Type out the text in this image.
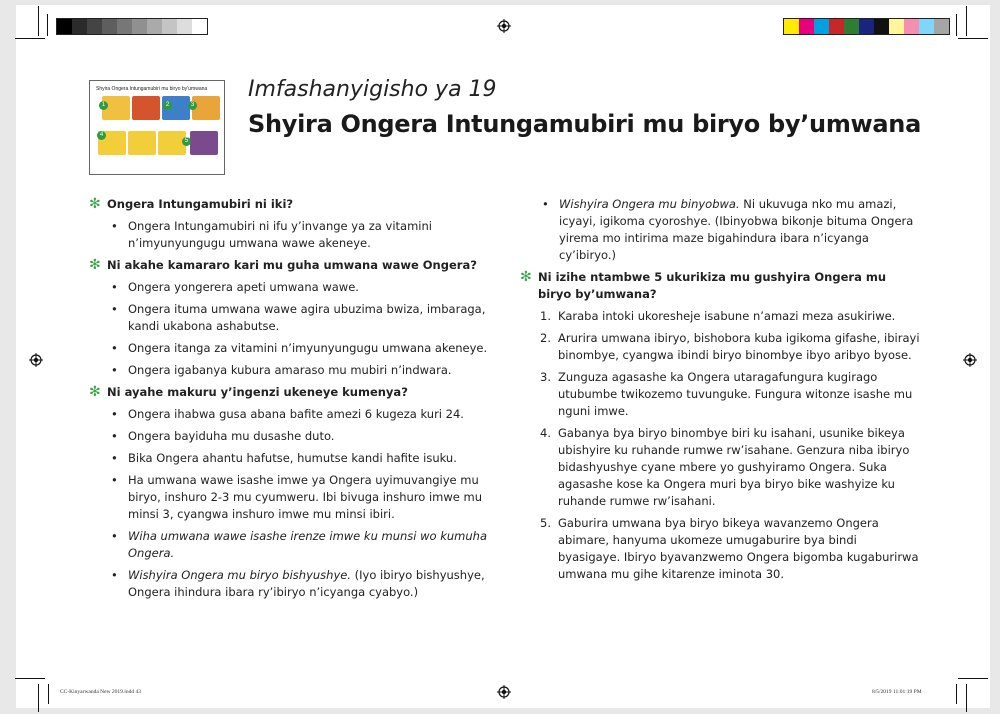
Shyira Ongera Intungamubiri mu biryo by’umwana
1	2	3
4
5
Imfashanyigisho ya 19
Shyira Ongera Intungamubiri mu biryo by’umwana
✻ Ongera Intungamubiri ni iki?
• Ongera Intungamubiri ni ifu y’invange ya za vitamini n’imyunyungugu umwana wawe akeneye.
✻ Ni akahe kamararo kari mu guha umwana wawe Ongera?
• Ongera yongerera apeti umwana wawe.
• Ongera ituma umwana wawe agira ubuzima bwiza, imbaraga, kandi ukabona ashabutse.
• Ongera itanga za vitamini n’imyunyungugu umwana akeneye.
• Ongera igabanya kubura amaraso mu mubiri n’indwara.
✻ Ni ayahe makuru y’ingenzi ukeneye kumenya?
• Ongera ihabwa gusa abana bafite amezi 6 kugeza kuri 24.
• Ongera bayiduha mu dusashe duto.
• Bika Ongera ahantu hafutse, humutse kandi hafite isuku.
• Ha umwana wawe isashe imwe ya Ongera uyimuvangiye mu biryo, inshuro 2-3 mu cyumweru. Ibi bivuga inshuro imwe mu minsi 3, cyangwa inshuro imwe mu minsi ibiri.
• Wiha umwana wawe isashe irenze imwe ku munsi wo kumuha Ongera.
• Wishyira Ongera mu biryo bishyushye. (Iyo ibiryo bishyushye, Ongera ihindura ibara ry’ibiryo n’icyanga cyabyo.)
• Wishyira Ongera mu binyobwa. Ni ukuvuga nko mu amazi, icyayi, igikoma cyoroshye. (Ibinyobwa bikonje bituma Ongera yirema mo intirima maze bigahindura ibara n’icyanga cy’ibiryo.)
✻ Ni izihe ntambwe 5 ukurikiza mu gushyira Ongera mu biryo by’umwana?
1. Karaba intoki ukoresheje isabune n’amazi meza asukiriwe.
2. Arurira umwana ibiryo, bishobora kuba igikoma gifashe, ibirayi binombye, cyangwa ibindi biryo binombye ibyo aribyo byose.
3. Zunguza agasashe ka Ongera utaragafungura kugirago utubumbe twikozemo tuvunguke. Fungura witonze isashe mu nguni imwe.
4. Gabanya bya biryo binombye biri ku isahani, usunike bikeya ubishyire ku ruhande rumwe rw’isahane. Genzura niba ibiryo bidashyushye cyane mbere yo gushyiramo Ongera. Suka agasashe kose ka Ongera muri bya biryo bike washyize ku ruhande rumwe rw’isahani.
5. Gaburira umwana bya biryo bikeya wavanzemo Ongera abimare, hanyuma ukomeze umugaburire bya bindi byasigaye. Ibiryo byavanzwemo Ongera bigomba kugaburirwa umwana mu gihe kitarenze iminota 30.
CC-Kinyarwanda New 2019.indd 43	8/5/2019 11:01:19 PM
